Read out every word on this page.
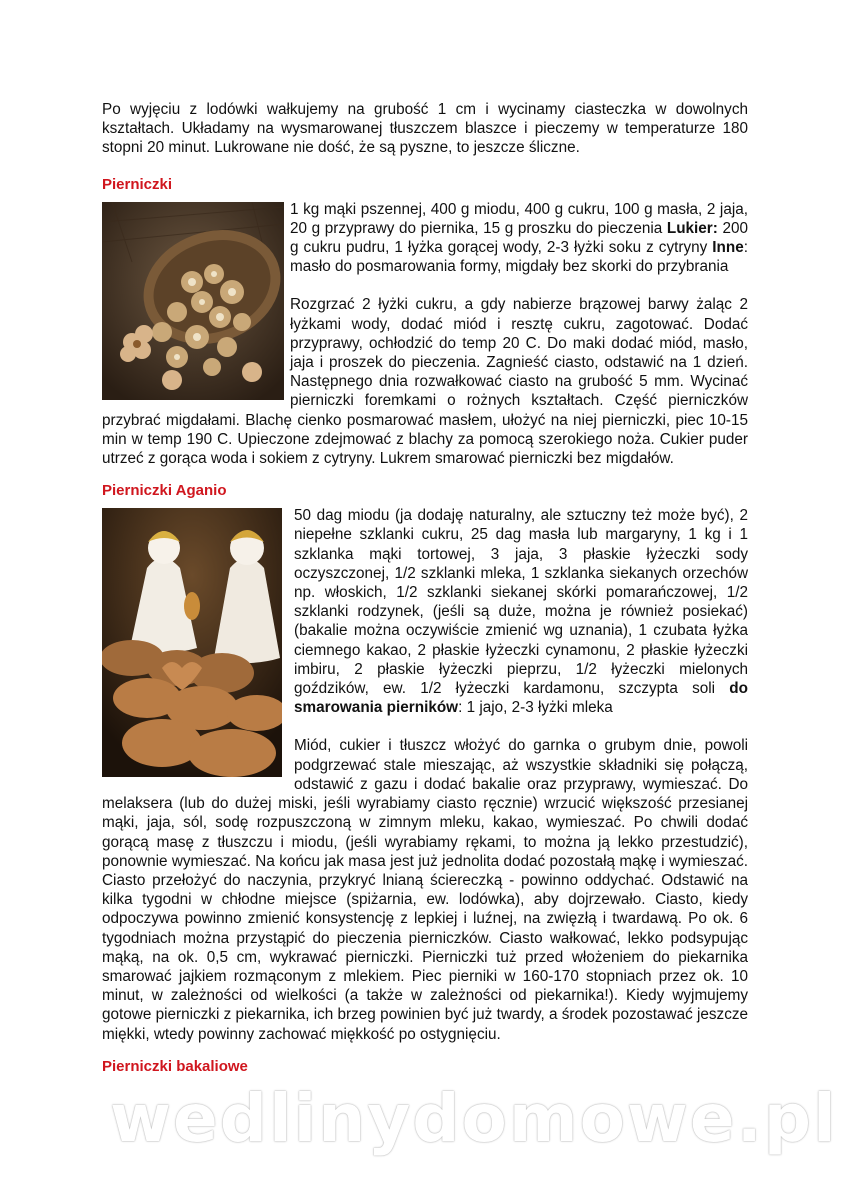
Po wyjęciu z lodówki wałkujemy na grubość 1 cm i wycinamy ciasteczka w dowolnych kształtach. Układamy na wysmarowanej tłuszczem blaszce i pieczemy w temperaturze 180 stopni 20 minut. Lukrowane nie dość, że są pyszne, to jeszcze śliczne.

Pierniczki

1 kg mąki pszennej, 400 g miodu, 400 g cukru, 100 g masła, 2 jaja, 20 g przyprawy do piernika, 15 g proszku do pieczenia Lukier: 200 g cukru pudru, 1 łyżka gorącej wody, 2-3 łyżki soku z cytryny Inne: masło do posmarowania formy, migdały bez skorki do przybrania

Rozgrzać 2 łyżki cukru, a gdy nabierze brązowej barwy żaląc 2 łyżkami wody, dodać miód i resztę cukru, zagotować. Dodać przyprawy, ochłodzić do temp 20 C. Do maki dodać miód, masło, jaja i proszek do pieczenia. Zagnieść ciasto, odstawić na 1 dzień. Następnego dnia rozwałkować ciasto na grubość 5 mm. Wycinać pierniczki foremkami o rożnych kształtach. Część pierniczków przybrać migdałami. Blachę cienko posmarować masłem, ułożyć na niej pierniczki, piec 10-15 min w temp 190 C. Upieczone zdejmować z blachy za pomocą szerokiego noża. Cukier puder utrzeć z gorąca woda i sokiem z cytryny. Lukrem smarować pierniczki bez migdałów.

Pierniczki Aganio

50 dag miodu (ja dodaję naturalny, ale sztuczny też może być), 2 niepełne szklanki cukru, 25 dag masła lub margaryny, 1 kg i 1 szklanka mąki tortowej, 3 jaja, 3 płaskie łyżeczki sody oczyszczonej, 1/2 szklanki mleka, 1 szklanka siekanych orzechów np. włoskich, 1/2 szklanki siekanej skórki pomarańczowej, 1/2 szklanki rodzynek, (jeśli są duże, można je również posiekać) (bakalie można oczywiście zmienić wg uznania), 1 czubata łyżka ciemnego kakao, 2 płaskie łyżeczki cynamonu, 2 płaskie łyżeczki imbiru, 2 płaskie łyżeczki pieprzu, 1/2 łyżeczki mielonych goździków, ew. 1/2 łyżeczki kardamonu, szczypta soli do smarowania pierników: 1 jajo, 2-3 łyżki mleka

Miód, cukier i tłuszcz włożyć do garnka o grubym dnie, powoli podgrzewać stale mieszając, aż wszystkie składniki się połączą, odstawić z gazu i dodać bakalie oraz przyprawy, wymieszać. Do melaksera (lub do dużej miski, jeśli wyrabiamy ciasto ręcznie) wrzucić większość przesianej mąki, jaja, sól, sodę rozpuszczoną w zimnym mleku, kakao, wymieszać. Po chwili dodać gorącą masę z tłuszczu i miodu, (jeśli wyrabiamy rękami, to można ją lekko przestudzić), ponownie wymieszać. Na końcu jak masa jest już jednolita dodać pozostałą mąkę i wymieszać. Ciasto przełożyć do naczynia, przykryć lnianą ściereczką - powinno oddychać. Odstawić na kilka tygodni w chłodne miejsce (spiżarnia, ew. lodówka), aby dojrzewało. Ciasto, kiedy odpoczywa powinno zmienić konsystencję z lepkiej i luźnej, na zwięzłą i twardawą. Po ok. 6 tygodniach można przystąpić do pieczenia pierniczków. Ciasto wałkować, lekko podsypując mąką, na ok. 0,5 cm, wykrawać pierniczki. Pierniczki tuż przed włożeniem do piekarnika smarować jajkiem rozmąconym z mlekiem. Piec pierniki w 160-170 stopniach przez ok. 10 minut, w zależności od wielkości (a także w zależności od piekarnika!). Kiedy wyjmujemy gotowe pierniczki z piekarnika, ich brzeg powinien być już twardy, a środek pozostawać jeszcze miękki, wtedy powinny zachować miękkość po ostygnięciu.

Pierniczki bakaliowe
wedlinydomowe.pl
